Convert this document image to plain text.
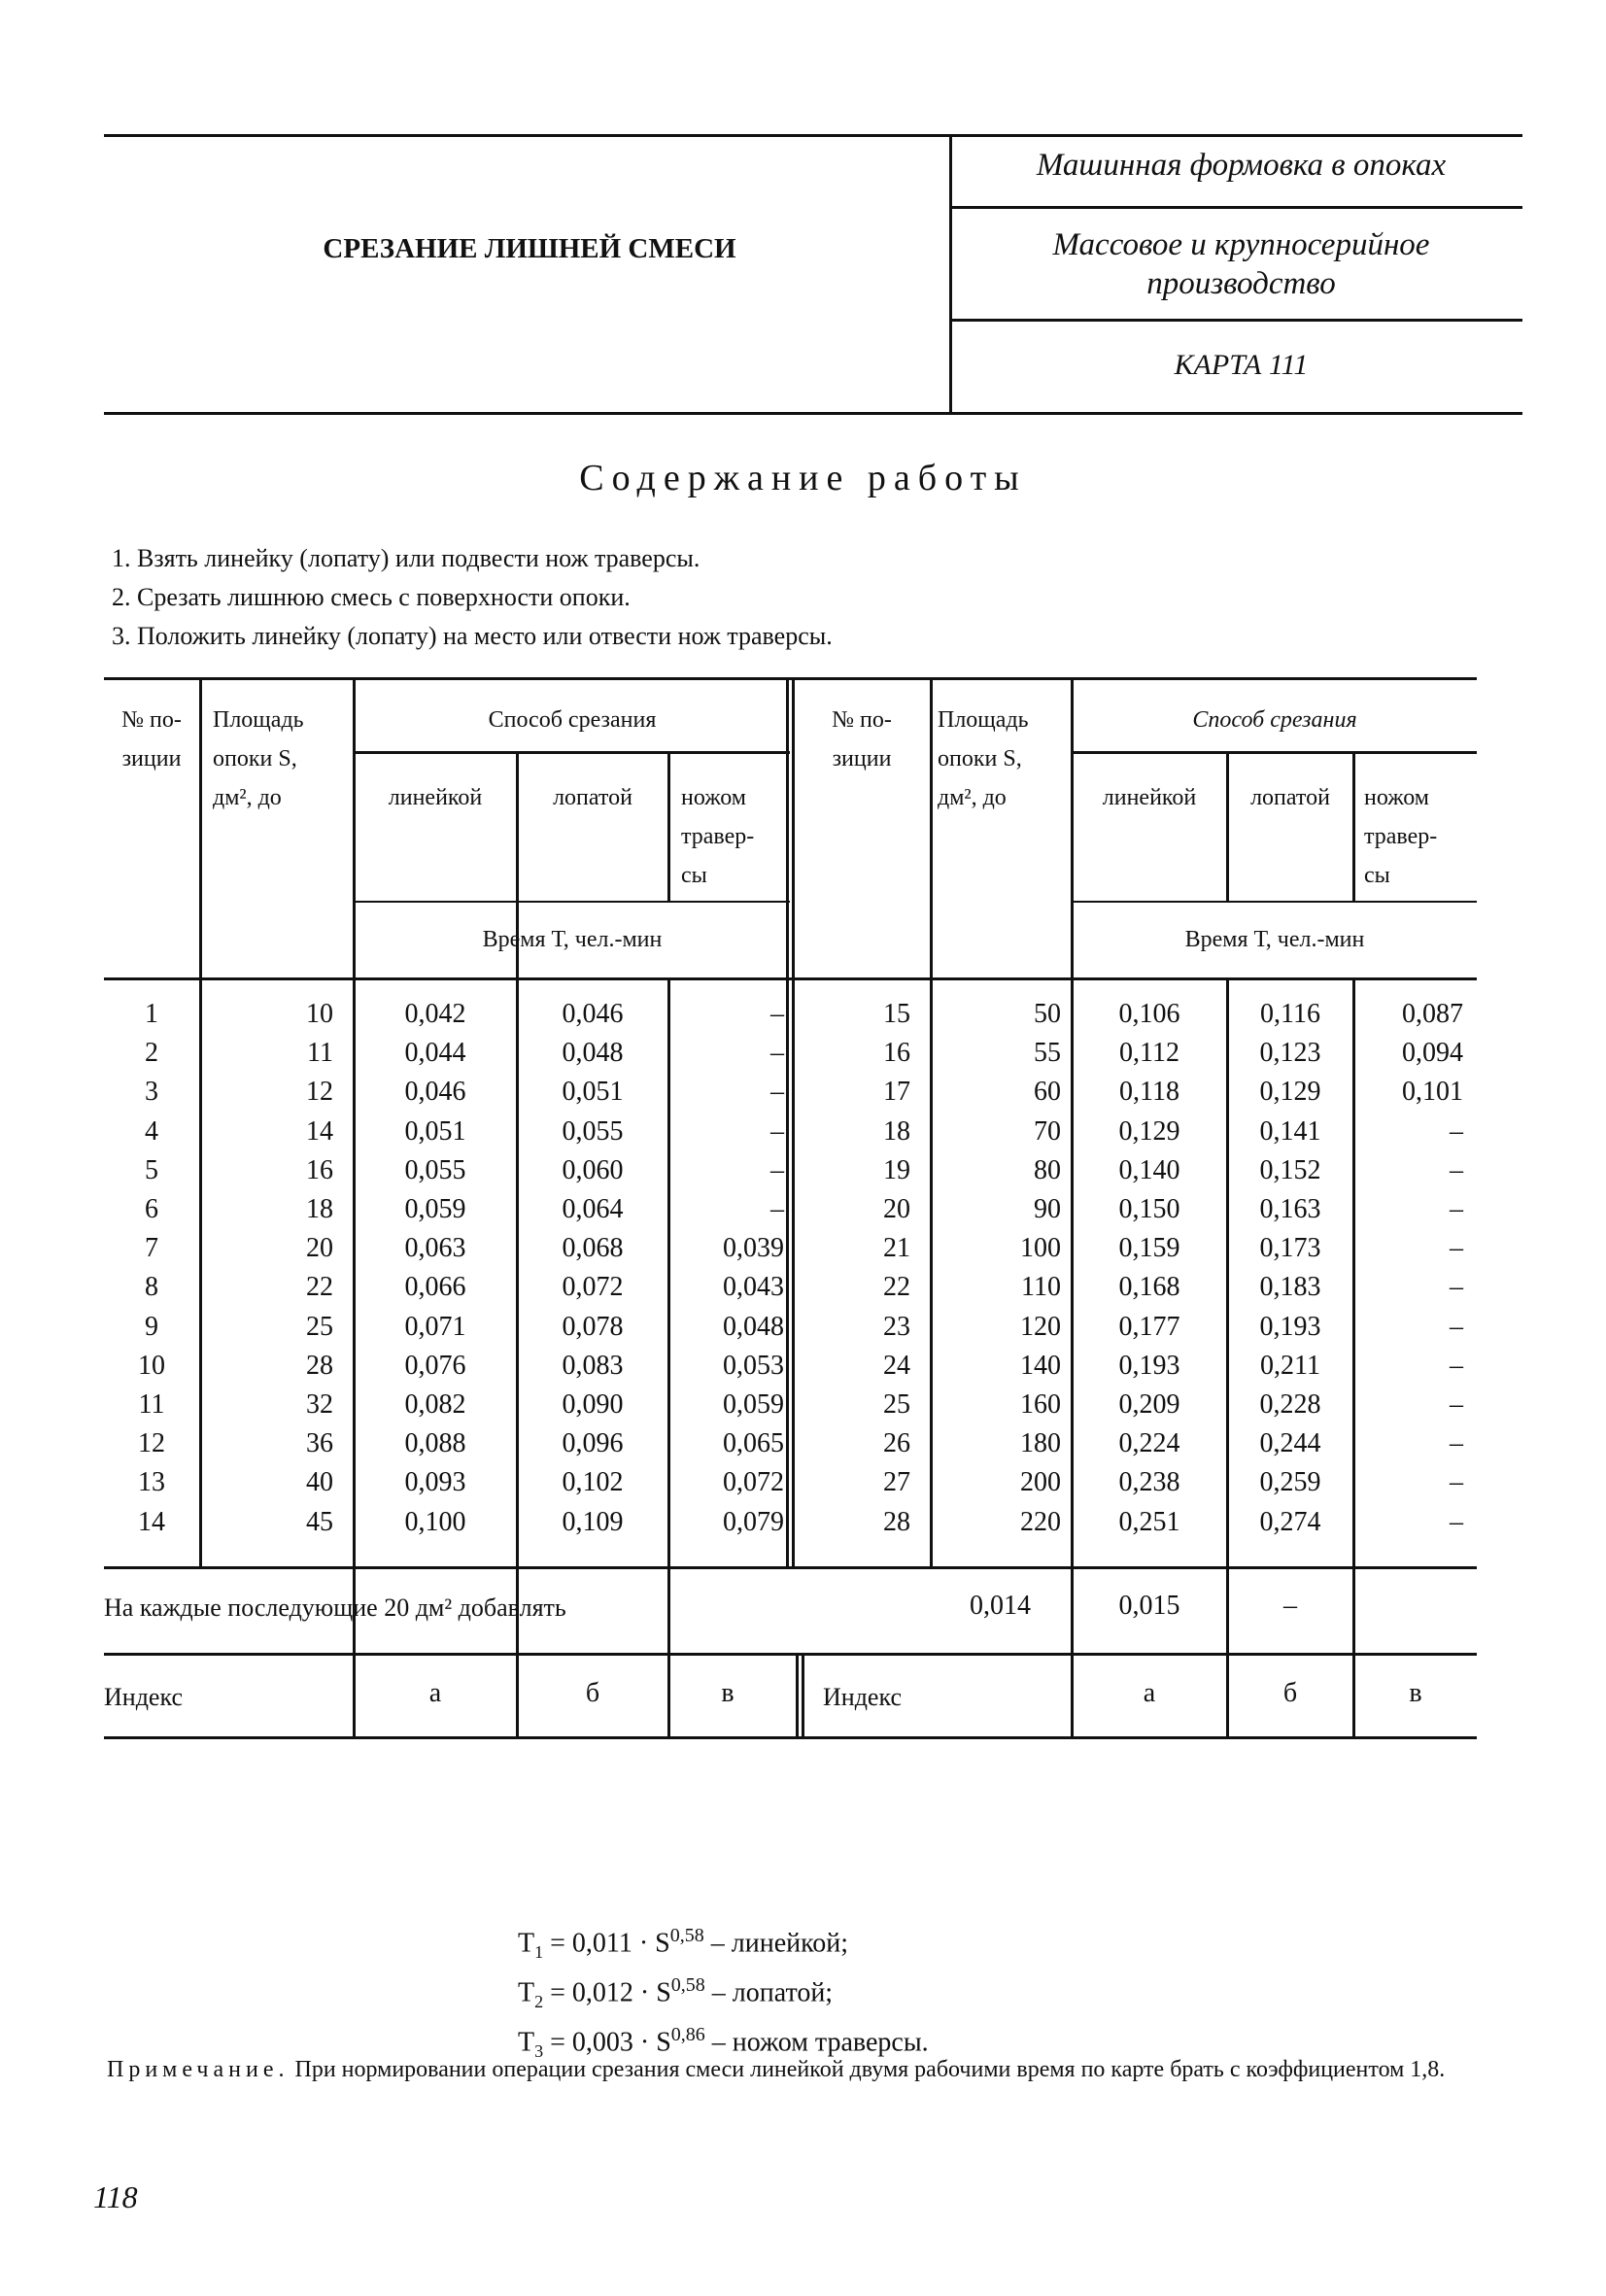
СРЕЗАНИЕ ЛИШНЕЙ СМЕСИ
Машинная формовка в опоках
Массовое и крупносерийное
производство
КАРТА 111
Содержание работы
1. Взять линейку (лопату) или подвести нож траверсы.
2. Срезать лишнюю смесь с поверхности опоки.
3. Положить линейку (лопату) на место или отвести нож траверсы.
№ по-
зиции
Площадь
опоки S,
дм², до
Способ срезания
линейкой	лопатой	ножом
травер-
сы
Время Т, чел.-мин
№ по-
зиции
Площадь
опоки S,
дм², до
Способ срезания
линейкой	лопатой	ножом
травер-
сы
Время Т, чел.-мин
1	10	0,042	0,046	–
2	11	0,044	0,048	–
3	12	0,046	0,051	–
4	14	0,051	0,055	–
5	16	0,055	0,060	–
6	18	0,059	0,064	–
7	20	0,063	0,068	0,039
8	22	0,066	0,072	0,043
9	25	0,071	0,078	0,048
10	28	0,076	0,083	0,053
11	32	0,082	0,090	0,059
12	36	0,088	0,096	0,065
13	40	0,093	0,102	0,072
14	45	0,100	0,109	0,079
15	50	0,106	0,116	0,087
16	55	0,112	0,123	0,094
17	60	0,118	0,129	0,101
18	70	0,129	0,141	–
19	80	0,140	0,152	–
20	90	0,150	0,163	–
21	100	0,159	0,173	–
22	110	0,168	0,183	–
23	120	0,177	0,193	–
24	140	0,193	0,211	–
25	160	0,209	0,228	–
26	180	0,224	0,244	–
27	200	0,238	0,259	–
28	220	0,251	0,274	–
На каждые последующие 20 дм² добавлять	0,014	0,015	–
Индекс	а	б	в	Индекс	а	б	в
$T_1 = 0,011 \cdot S^{0,58}$ – линейкой;
$T_2 = 0,012 \cdot S^{0,58}$ – лопатой;
$T_3 = 0,003 \cdot S^{0,86}$ – ножом траверсы.
Примечание. При нормировании операции срезания смеси линейкой двумя рабочими время по карте брать с коэффициентом 1,8.
118
